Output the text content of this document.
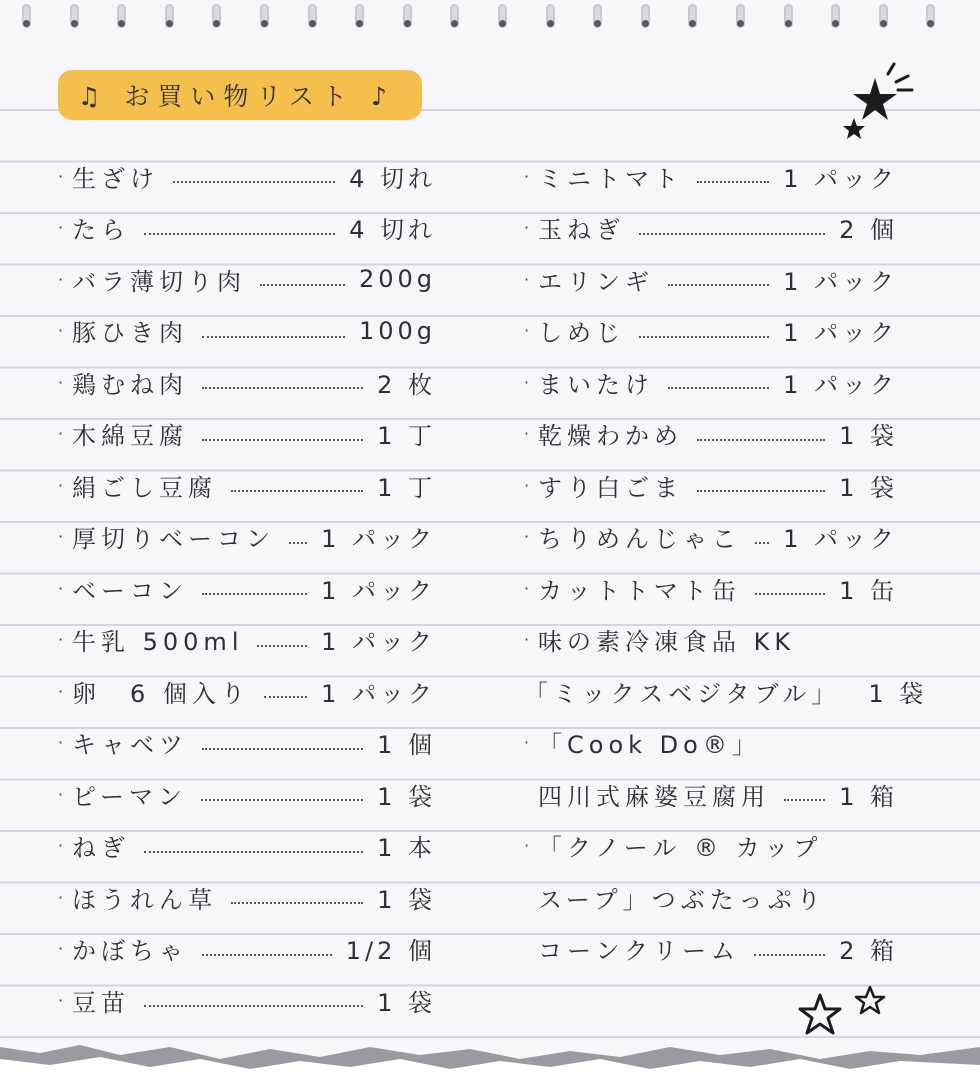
♫ お買い物リスト ♪
· 生ざけ	4 切れ
· たら	4 切れ
· バラ薄切り肉	200g
· 豚ひき肉	100g
· 鶏むね肉	2 枚
· 木綿豆腐	1 丁
· 絹ごし豆腐	1 丁
· 厚切りベーコン 1 パック
· ベーコン	1 パック
· 牛乳 500ml	1 パック
· 卵　6 個入り	1 パック
· キャベツ	1 個
· ピーマン	1 袋
· ねぎ	1 本
· ほうれん草	1 袋
· かぼちゃ	1/2 個
· 豆苗	1 袋
· ミニトマト	1 パック
· 玉ねぎ	2 個
· エリンギ	1 パック
· しめじ	1 パック
· まいたけ	1 パック
· 乾燥わかめ	1 袋
· すり白ごま	1 袋
· ちりめんじゃこ 1 パック
· カットトマト缶	1 缶
· 味の素冷凍食品 KK
「ミックスベジタブル」 1 袋
· 「Cook Do®」
四川式麻婆豆腐用	1 箱
· 「クノール ® カップ
スープ」つぶたっぷり
コーンクリーム	2 箱
